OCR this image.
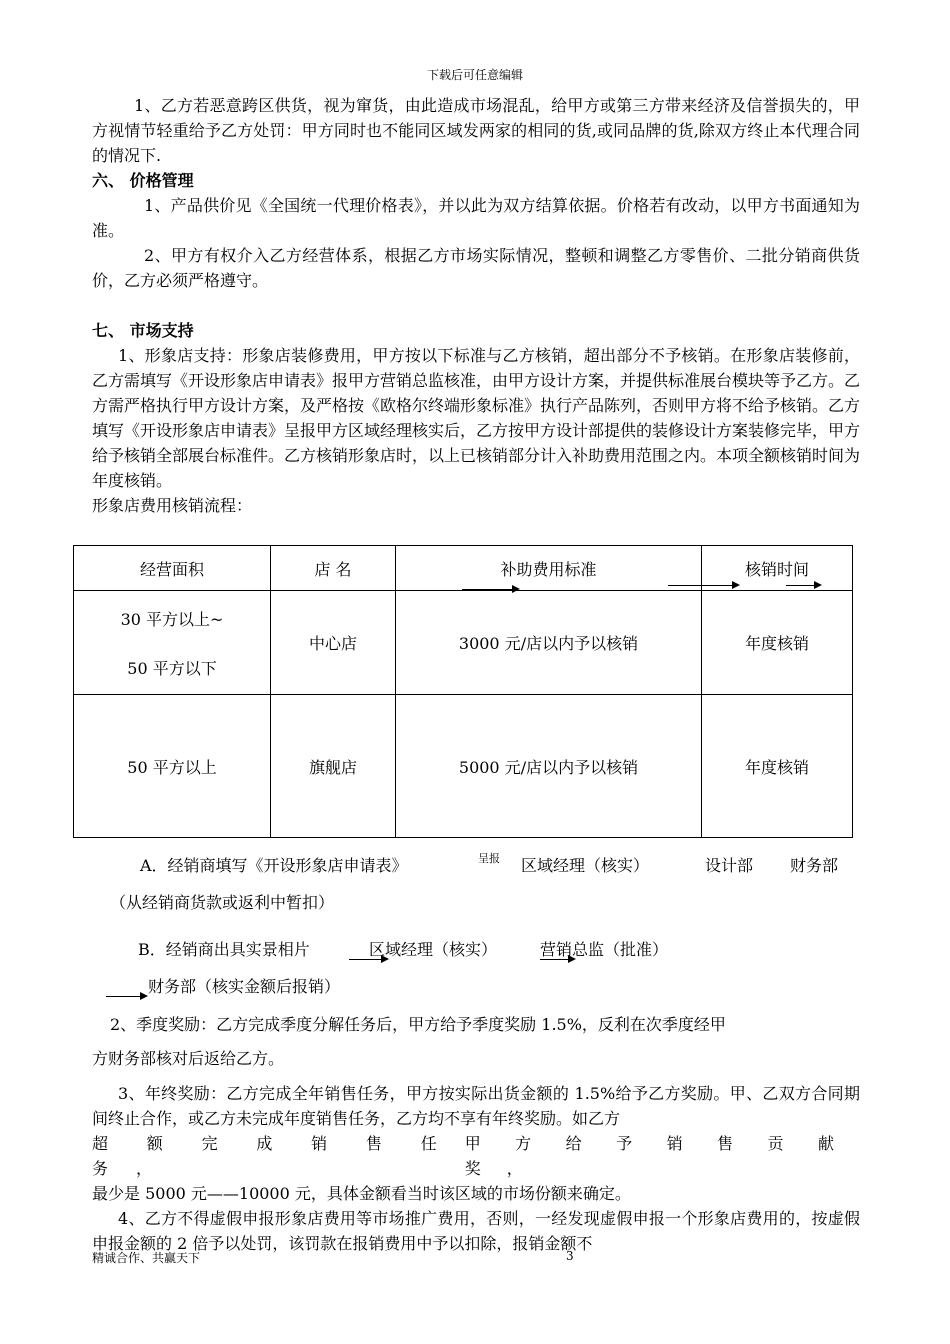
下载后可任意编辑

1、乙方若恶意跨区供货，视为窜货，由此造成市场混乱，给甲方或第三方带来经济及信誉损失的，甲方视情节轻重给予乙方处罚：甲方同时也不能同区域发两家的相同的货,或同品牌的货,除双方终止本代理合同的情况下.

六、 价格管理

1、产品供价见《全国统一代理价格表》，并以此为双方结算依据。价格若有改动，以甲方书面通知为准。

2、甲方有权介入乙方经营体系，根据乙方市场实际情况，整顿和调整乙方零售价、二批分销商供货价，乙方必须严格遵守。

七、 市场支持

1、形象店支持：形象店装修费用，甲方按以下标准与乙方核销，超出部分不予核销。在形象店装修前，乙方需填写《开设形象店申请表》报甲方营销总监核准，由甲方设计方案，并提供标准展台模块等予乙方。乙方需严格执行甲方设计方案，及严格按《欧格尔终端形象标准》执行产品陈列，否则甲方将不给予核销。乙方填写《开设形象店申请表》呈报甲方区域经理核实后，乙方按甲方设计部提供的装修设计方案装修完毕，甲方给予核销全部展台标准件。乙方核销形象店时，以上已核销部分计入补助费用范围之内。本项全额核销时间为年度核销。

形象店费用核销流程：

经营面积	店 名	补助费用标准	核销时间

30 平方以上~
50 平方以下	中心店	3000 元/店以内予以核销	年度核销
50 平方以上	旗舰店	5000 元/店以内予以核销	年度核销
A．经销商填写《开设形象店申请表》	呈报 区域经理（核实）	设计部 财务部
（从经销商货款或返利中暂扣）
B．经销商出具实景相片	区域经理（核实）	营销总监（批准）
财务部（核实金额后报销）
2、季度奖励：乙方完成季度分解任务后，甲方给予季度奖励 1.5%，反利在次季度经甲
方财务部核对后返给乙方。

3、年终奖励：乙方完成全年销售任务，甲方按实际出货金额的 1.5%给予乙方奖励。甲、乙双方合同期间终止合作，或乙方未完成年度销售任务，乙方均不享有年终奖励。如乙方

超额完成销售任务，
甲方给予销售贡献奖，

最少是 5000 元——10000 元，具体金额看当时该区域的市场份额来确定。

4、乙方不得虚假申报形象店费用等市场推广费用，否则，一经发现虚假申报一个形象店费用的，按虚假申报金额的 2 倍予以处罚，该罚款在报销费用中予以扣除，报销金额不

精诚合作、共赢天下	3
